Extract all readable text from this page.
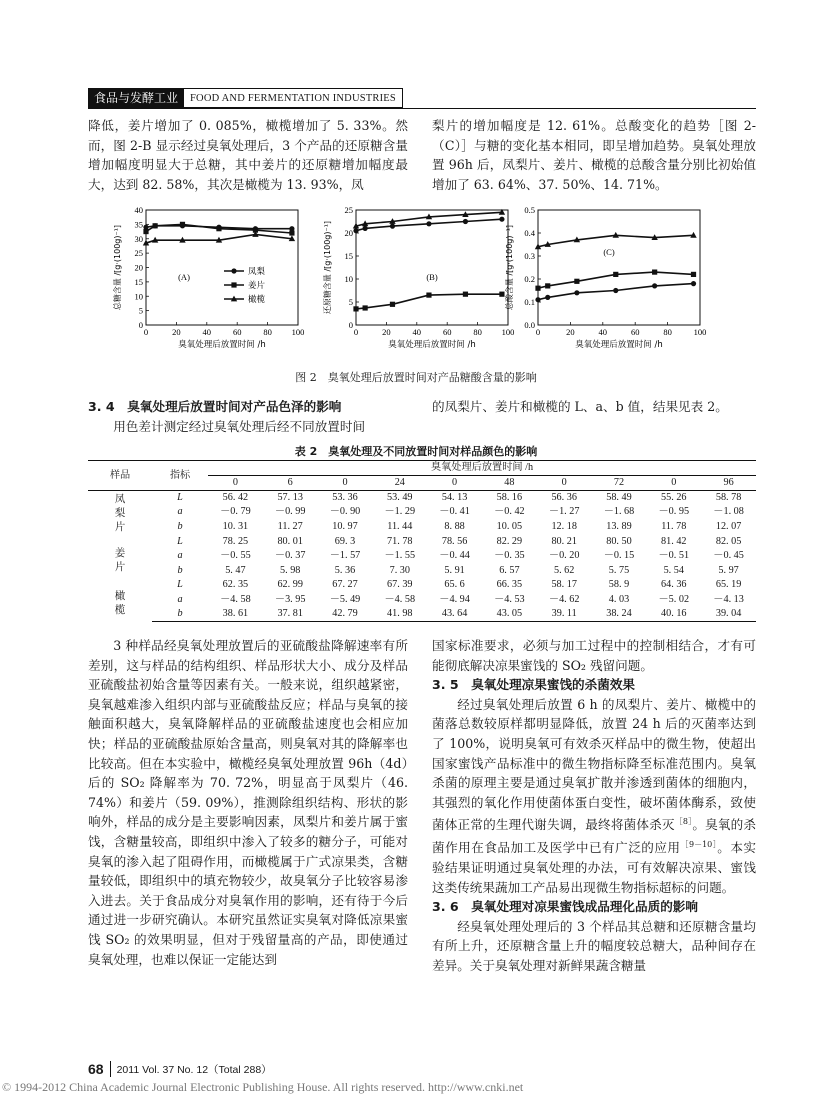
食品与发酵工业	FOOD AND FERMENTATION INDUSTRIES

降低，姜片增加了 0. 085%，橄榄增加了 5. 33%。然而，图 2-B 显示经过臭氧处理后，3 个产品的还原糖含量增加幅度明显大于总糖，其中姜片的还原糖增加幅度最大，达到 82. 58%，其次是橄榄为 13. 93%，凤

梨片的增加幅度是 12. 61%。总酸变化的趋势［图 2-（C）］与糖的变化基本相同，即呈增加趋势。臭氧处理放置 96h 后，凤梨片、姜片、橄榄的总酸含量分别比初始值增加了 63. 64%、37. 50%、14. 71%。

0
5
10
15
20
25
30
35
40
0	20	40	60	80 100
臭氧处理后放置时间 /h
总糖含量 /[g·(100g)⁻¹]	(A)
0
5
10
15
20
25
0	20	40	60	80 100
臭氧处理后放置时间 /h
还原糖含量 /[g·(100g)⁻¹]	(B)
0.0
0.1
0.2
0.3
0.4
0.5
0	20	40	60	80	100
臭氧处理后放置时间 /h
总酸含量 /[g·(100g)⁻¹]	(C)
凤梨
姜片
橄榄
图 2　臭氧处理后放置时间对产品糖酸含量的影响
3. 4　臭氧处理后放置时间对产品色泽的影响

用色差计测定经过臭氧处理后经不同放置时间

的凤梨片、姜片和橄榄的 L、a、b 值，结果见表 2。

表 2　臭氧处理及不同放置时间对样品颜色的影响
样品	指标	臭氧处理后放置时间 /h									
		0	6	0	24	0	48	0	72	0	96

凤
梨
片	L	56. 42	57. 13	53. 36	53. 49	54. 13	58. 16	56. 36	58. 49	55. 26	58. 78
	a	－0. 79	－0. 99	－0. 90	－1. 29	－0. 41	－0. 42	－1. 27	－1. 68	－0. 95	－1. 08
	b	10. 31	11. 27	10. 97	11. 44	8. 88	10. 05	12. 18	13. 89	11. 78	12. 07

姜
片	L	78. 25	80. 01	69. 3	71. 78	78. 56	82. 29	80. 21	80. 50	81. 42	82. 05
	a	－0. 55	－0. 37	－1. 57	－1. 55	－0. 44	－0. 35	－0. 20	－0. 15	－0. 51	－0. 45
	b	5. 47	5. 98	5. 36	7. 30	5. 91	6. 57	5. 62	5. 75	5. 54	5. 97

橄
榄	L	62. 35	62. 99	67. 27	67. 39	65. 6	66. 35	58. 17	58. 9	64. 36	65. 19
	a	－4. 58	－3. 95	－5. 49	－4. 58	－4. 94	－4. 53	－4. 62	4. 03	－5. 02	－4. 13
	b	38. 61	37. 81	42. 79	41. 98	43. 64	43. 05	39. 11	38. 24	40. 16	39. 04

3 种样品经臭氧处理放置后的亚硫酸盐降解速率有所差别，这与样品的结构组织、样品形状大小、成分及样品亚硫酸盐初始含量等因素有关。一般来说，组织越紧密，臭氧越难渗入组织内部与亚硫酸盐反应；样品与臭氧的接触面积越大，臭氧降解样品的亚硫酸盐速度也会相应加快；样品的亚硫酸盐原始含量高，则臭氧对其的降解率也比较高。但在本实验中，橄榄经臭氧处理放置 96h（4d）后的 SO₂ 降解率为 70. 72%，明显高于凤梨片（46. 74%）和姜片（59. 09%），推测除组织结构、形状的影响外，样品的成分是主要影响因素，凤梨片和姜片属于蜜饯，含糖量较高，即组织中渗入了较多的糖分子，可能对臭氧的渗入起了阻碍作用，而橄榄属于广式凉果类，含糖量较低，即组织中的填充物较少，故臭氧分子比较容易渗入进去。关于食品成分对臭氧作用的影响，还有待于今后通过进一步研究确认。本研究虽然证实臭氧对降低凉果蜜饯 SO₂ 的效果明显，但对于残留量高的产品，即使通过臭氧处理，也难以保证一定能达到

国家标准要求，必须与加工过程中的控制相结合，才有可能彻底解决凉果蜜饯的 SO₂ 残留问题。

3. 5　臭氧处理凉果蜜饯的杀菌效果

经过臭氧处理后放置 6 h 的凤梨片、姜片、橄榄中的菌落总数较原样都明显降低，放置 24 h 后的灭菌率达到了 100%，说明臭氧可有效杀灭样品中的微生物，使超出国家蜜饯产品标准中的微生物指标降至标准范围内。臭氧杀菌的原理主要是通过臭氧扩散并渗透到菌体的细胞内，其强烈的氧化作用使菌体蛋白变性，破坏菌体酶系，致使菌体正常的生理代谢失调，最终将菌体杀灭$^{[8]}$。臭氧的杀菌作用在食品加工及医学中已有广泛的应用$^{[9-10]}$。本实验结果证明通过臭氧处理的办法，可有效解决凉果、蜜饯这类传统果蔬加工产品易出现微生物指标超标的问题。

3. 6　臭氧处理对凉果蜜饯成品理化品质的影响

经臭氧处理处理后的 3 个样品其总糖和还原糖含量均有所上升，还原糖含量上升的幅度较总糖大，品种间存在差异。关于臭氧处理对新鲜果蔬含糖量

68	2011 Vol. 37 No. 12（Total 288）
© 1994-2012 China Academic Journal Electronic Publishing House. All rights reserved. http://www.cnki.net
